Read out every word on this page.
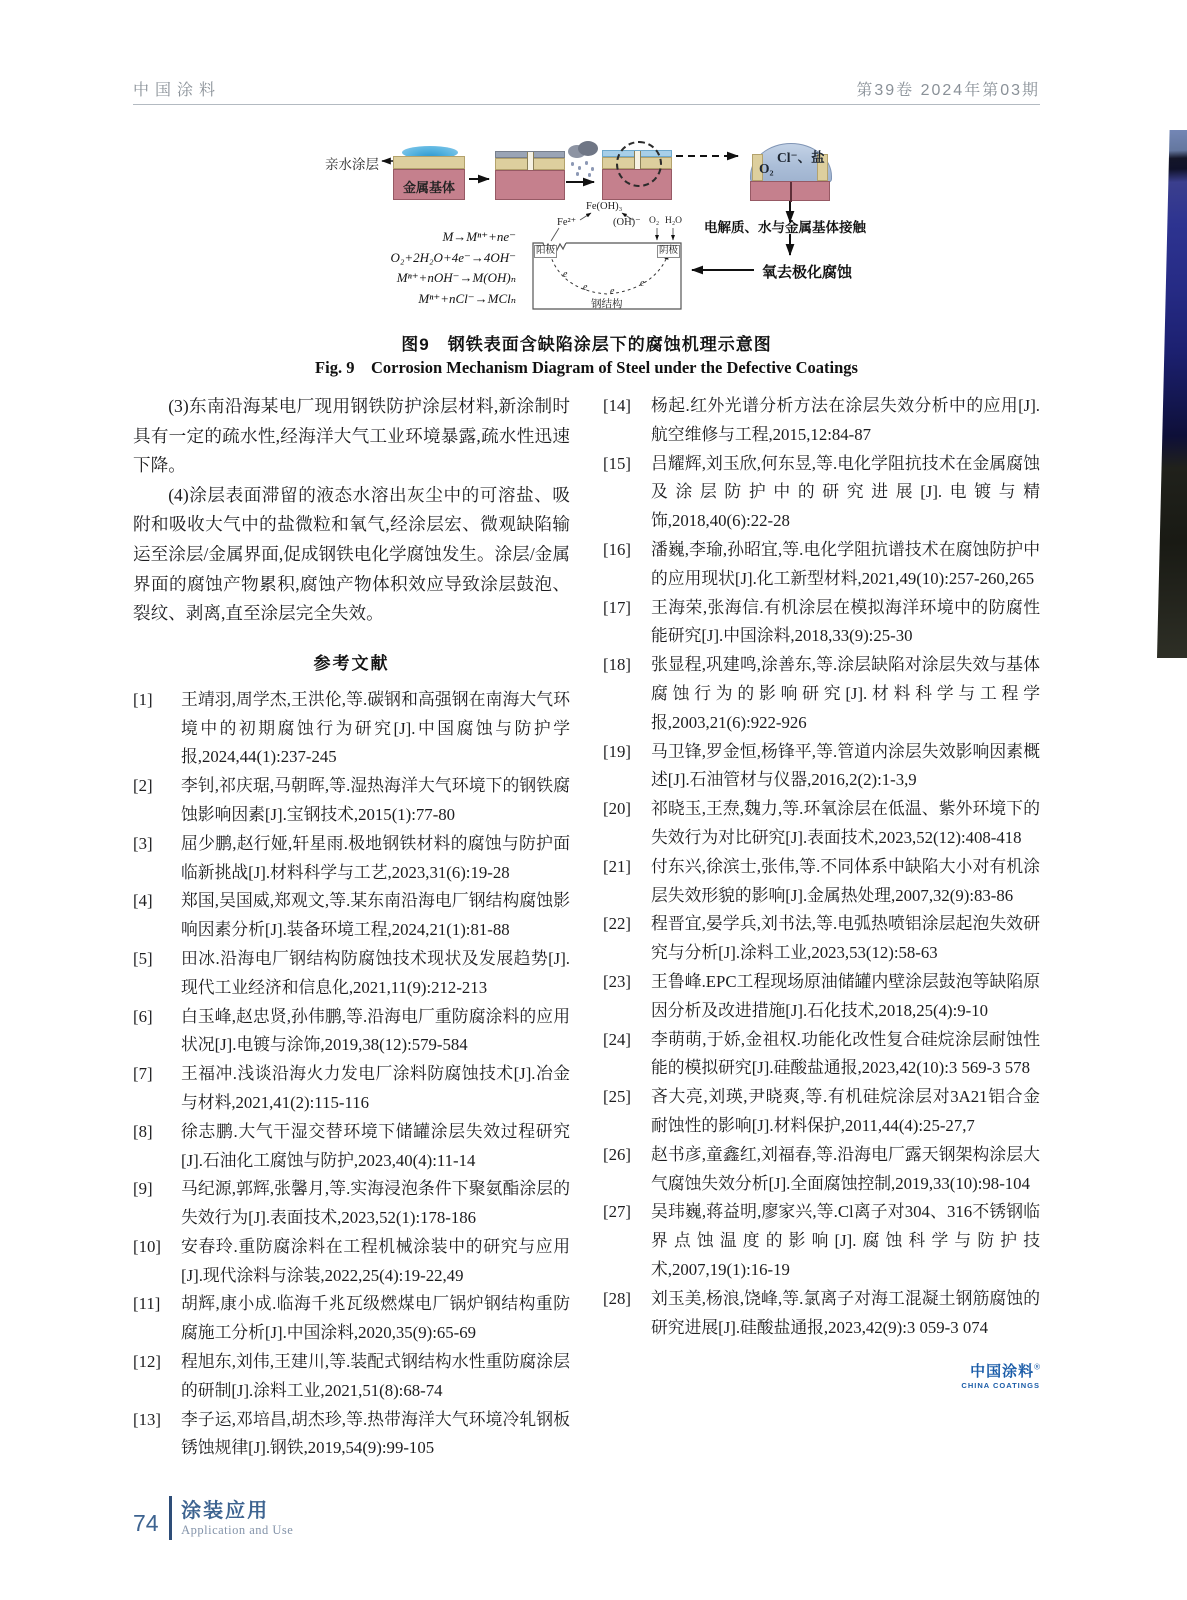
中国涂料	第39卷 2024年第03期
亲水涂层
金属基体
Cl⁻、盐
O₂
电解质、水与金属基体接触
氧去极化腐蚀
M→Mⁿ⁺+ne⁻
O₂+2H₂O+4e⁻→4OH⁻
Mⁿ⁺+nOH⁻→M(OH)ₙ
Mⁿ⁺+nCl⁻→MClₙ
Fe(OH)₃
Fe²⁺	(OH)⁻ O₂ H₂O
阳极	阴极
钢结构
e
e e
e
图9　钢铁表面含缺陷涂层下的腐蚀机理示意图
Fig. 9　Corrosion Mechanism Diagram of Steel under the Defective Coatings

(3)东南沿海某电厂现用钢铁防护涂层材料,新涂制时具有一定的疏水性,经海洋大气工业环境暴露,疏水性迅速下降。

(4)涂层表面滞留的液态水溶出灰尘中的可溶盐、吸附和吸收大气中的盐微粒和氧气,经涂层宏、微观缺陷输运至涂层/金属界面,促成钢铁电化学腐蚀发生。涂层/金属界面的腐蚀产物累积,腐蚀产物体积效应导致涂层鼓泡、裂纹、剥离,直至涂层完全失效。

参考文献
[1] 王靖羽,周学杰,王洪伦,等.碳钢和高强钢在南海大气环境中的初期腐蚀行为研究[J].中国腐蚀与防护学报,2024,44(1):237-245
[2] 李钊,祁庆琚,马朝晖,等.湿热海洋大气环境下的钢铁腐蚀影响因素[J].宝钢技术,2015(1):77-80
[3] 屈少鹏,赵行娅,轩星雨.极地钢铁材料的腐蚀与防护面临新挑战[J].材料科学与工艺,2023,31(6):19-28
[4] 郑国,吴国威,郑观文,等.某东南沿海电厂钢结构腐蚀影响因素分析[J].装备环境工程,2024,21(1):81-88
[5] 田冰.沿海电厂钢结构防腐蚀技术现状及发展趋势[J].现代工业经济和信息化,2021,11(9):212-213
[6] 白玉峰,赵忠贤,孙伟鹏,等.沿海电厂重防腐涂料的应用状况[J].电镀与涂饰,2019,38(12):579-584
[7] 王福冲.浅谈沿海火力发电厂涂料防腐蚀技术[J].冶金与材料,2021,41(2):115-116
[8] 徐志鹏.大气干湿交替环境下储罐涂层失效过程研究[J].石油化工腐蚀与防护,2023,40(4):11-14
[9] 马纪源,郭辉,张馨月,等.实海浸泡条件下聚氨酯涂层的失效行为[J].表面技术,2023,52(1):178-186
[10] 安春玲.重防腐涂料在工程机械涂装中的研究与应用[J].现代涂料与涂装,2022,25(4):19-22,49
[11] 胡辉,康小成.临海千兆瓦级燃煤电厂锅炉钢结构重防腐施工分析[J].中国涂料,2020,35(9):65-69
[12] 程旭东,刘伟,王建川,等.装配式钢结构水性重防腐涂层的研制[J].涂料工业,2021,51(8):68-74
[13] 李子运,邓培昌,胡杰珍,等.热带海洋大气环境冷轧钢板锈蚀规律[J].钢铁,2019,54(9):99-105
[14] 杨起.红外光谱分析方法在涂层失效分析中的应用[J].航空维修与工程,2015,12:84-87
[15] 吕耀辉,刘玉欣,何东昱,等.电化学阻抗技术在金属腐蚀及涂层防护中的研究进展[J].电镀与精饰,2018,40(6):22-28
[16] 潘巍,李瑜,孙昭宜,等.电化学阻抗谱技术在腐蚀防护中的应用现状[J].化工新型材料,2021,49(10):257-260,265
[17] 王海荣,张海信.有机涂层在模拟海洋环境中的防腐性能研究[J].中国涂料,2018,33(9):25-30
[18] 张显程,巩建鸣,涂善东,等.涂层缺陷对涂层失效与基体腐蚀行为的影响研究[J].材料科学与工程学报,2003,21(6):922-926
[19] 马卫锋,罗金恒,杨锋平,等.管道内涂层失效影响因素概述[J].石油管材与仪器,2016,2(2):1-3,9
[20] 祁晓玉,王焘,魏力,等.环氧涂层在低温、紫外环境下的失效行为对比研究[J].表面技术,2023,52(12):408-418
[21] 付东兴,徐滨士,张伟,等.不同体系中缺陷大小对有机涂层失效形貌的影响[J].金属热处理,2007,32(9):83-86
[22] 程晋宜,晏学兵,刘书法,等.电弧热喷铝涂层起泡失效研究与分析[J].涂料工业,2023,53(12):58-63
[23] 王鲁峰.EPC工程现场原油储罐内壁涂层鼓泡等缺陷原因分析及改进措施[J].石化技术,2018,25(4):9-10
[24] 李萌萌,于娇,金祖权.功能化改性复合硅烷涂层耐蚀性能的模拟研究[J].硅酸盐通报,2023,42(10):3 569-3 578
[25] 吝大亮,刘瑛,尹晓爽,等.有机硅烷涂层对3A21铝合金耐蚀性的影响[J].材料保护,2011,44(4):25-27,7
[26] 赵书彦,童鑫红,刘福春,等.沿海电厂露天钢架构涂层大气腐蚀失效分析[J].全面腐蚀控制,2019,33(10):98-104
[27] 吴玮巍,蒋益明,廖家兴,等.Cl离子对304、316不锈钢临界点蚀温度的影响[J].腐蚀科学与防护技术,2007,19(1):16-19
[28] 刘玉美,杨浪,饶峰,等.氯离子对海工混凝土钢筋腐蚀的研究进展[J].硅酸盐通报,2023,42(9):3 059-3 074
中国涂料®
CHINA COATINGS
74 涂装应用
Application and Use
